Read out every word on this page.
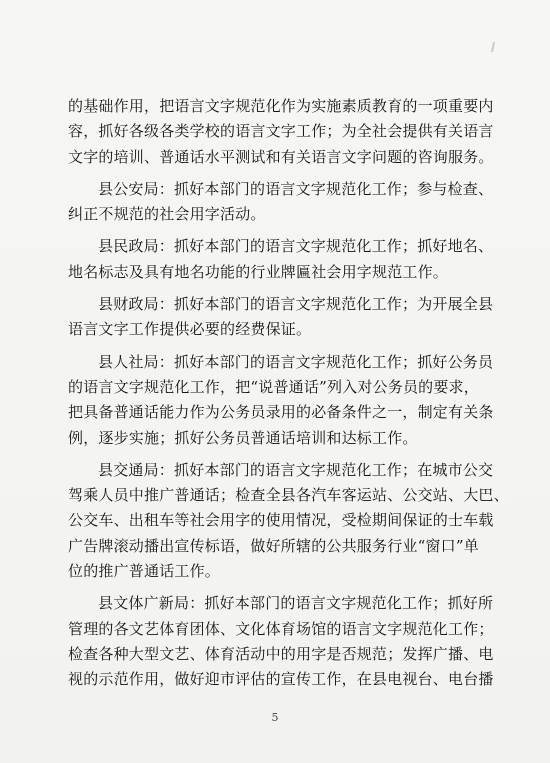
的基础作用，把语言文字规范化作为实施素质教育的一项重要内
容，抓好各级各类学校的语言文字工作；为全社会提供有关语言
文字的培训、普通话水平测试和有关语言文字问题的咨询服务。

县公安局：抓好本部门的语言文字规范化工作；参与检查、
纠正不规范的社会用字活动。

县民政局：抓好本部门的语言文字规范化工作；抓好地名、
地名标志及具有地名功能的行业牌匾社会用字规范工作。

县财政局：抓好本部门的语言文字规范化工作；为开展全县
语言文字工作提供必要的经费保证。

县人社局：抓好本部门的语言文字规范化工作；抓好公务员
的语言文字规范化工作，把“说普通话”列入对公务员的要求，
把具备普通话能力作为公务员录用的必备条件之一，制定有关条
例，逐步实施；抓好公务员普通话培训和达标工作。

县交通局：抓好本部门的语言文字规范化工作；在城市公交
驾乘人员中推广普通话；检查全县各汽车客运站、公交站、大巴、
公交车、出租车等社会用字的使用情况，受检期间保证的士车载
广告牌滚动播出宣传标语，做好所辖的公共服务行业“窗口”单
位的推广普通话工作。

县文体广新局：抓好本部门的语言文字规范化工作；抓好所
管理的各文艺体育团体、文化体育场馆的语言文字规范化工作；
检查各种大型文艺、体育活动中的用字是否规范；发挥广播、电
视的示范作用，做好迎市评估的宣传工作，在县电视台、电台播

5
